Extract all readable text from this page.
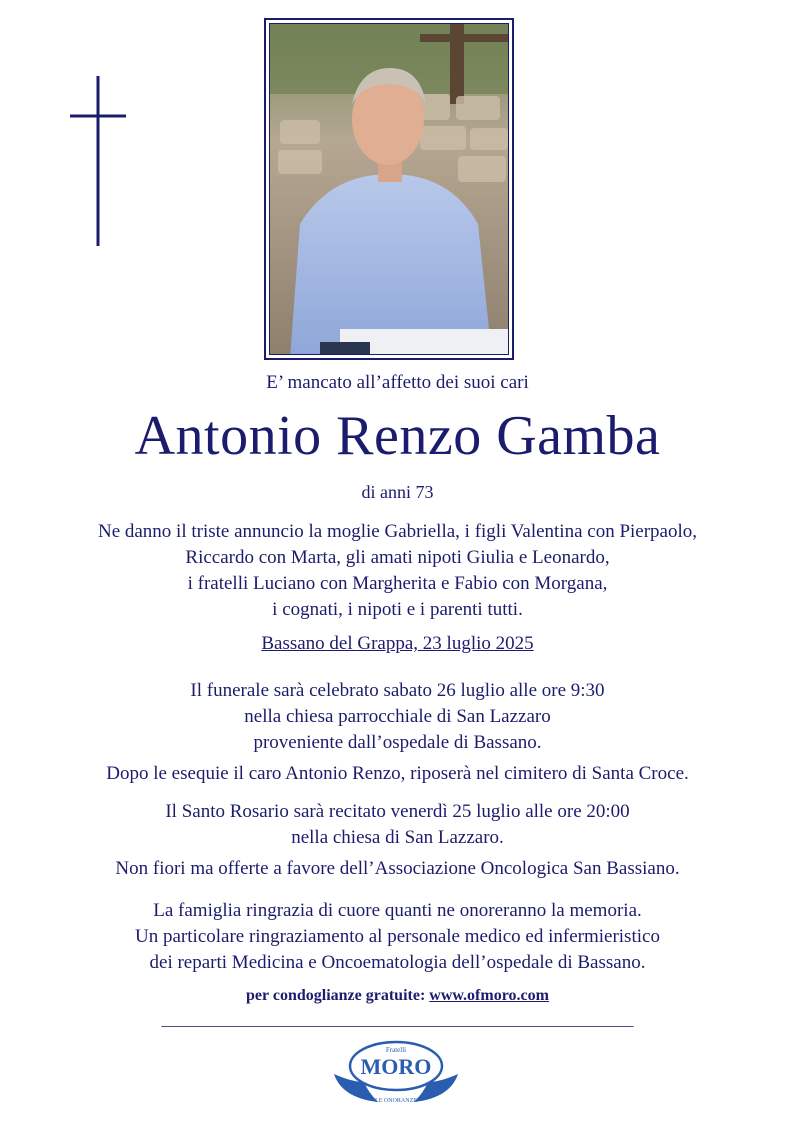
E’ mancato all’affetto dei suoi cari
Antonio Renzo Gamba
di anni 73
Ne danno il triste annuncio la moglie Gabriella, i figli Valentina con Pierpaolo,
Riccardo con Marta, gli amati nipoti Giulia e Leonardo,
i fratelli Luciano con Margherita e Fabio con Morgana,
i cognati, i nipoti e i parenti tutti.
Bassano del Grappa, 23 luglio 2025
Il funerale sarà celebrato sabato 26 luglio alle ore 9:30
nella chiesa parrocchiale di San Lazzaro
proveniente dall’ospedale di Bassano.
Dopo le esequie il caro Antonio Renzo, riposerà nel cimitero di Santa Croce.
Il Santo Rosario sarà recitato venerdì 25 luglio alle ore 20:00
nella chiesa di San Lazzaro.
Non fiori ma offerte a favore dell’Associazione Oncologica San Bassiano.
La famiglia ringrazia di cuore quanti ne onoreranno la memoria.
Un particolare ringraziamento al personale medico ed infermieristico
dei reparti Medicina e Oncoematologia dell’ospedale di Bassano.
per condoglianze gratuite: www.ofmoro.com
___________________________________________________________
Fratelli
MORO
LE ONORANZE
